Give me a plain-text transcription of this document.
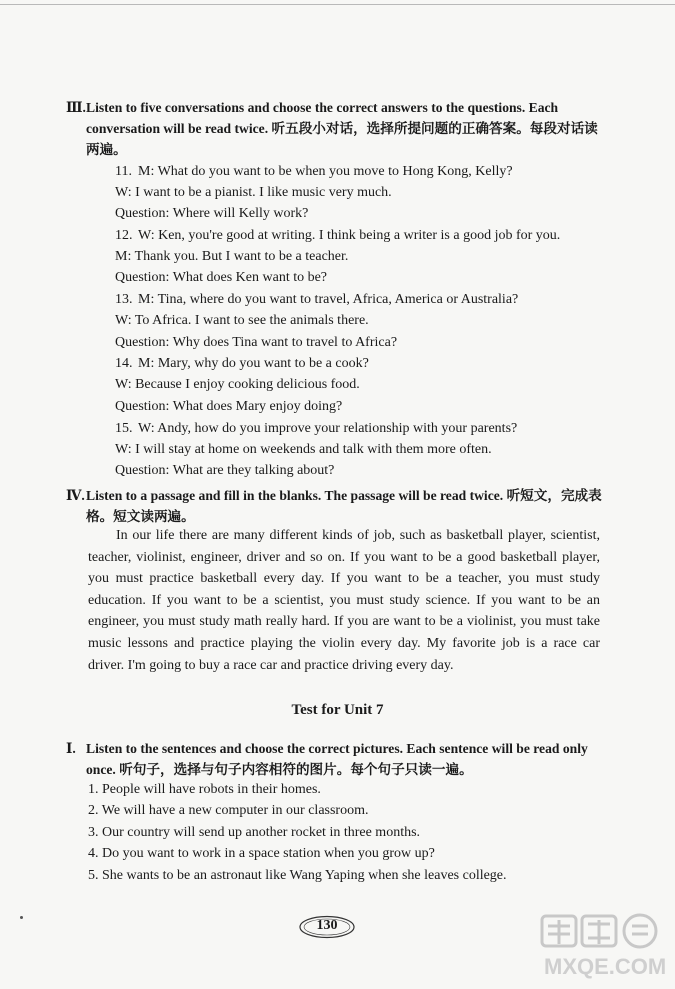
Ⅲ. Listen to five conversations and choose the correct answers to the questions. Each conversation will be read twice. 听五段小对话，选择所提问题的正确答案。每段对话读两遍。
11. M: What do you want to be when you move to Hong Kong, Kelly?
W: I want to be a pianist. I like music very much.
Question: Where will Kelly work?
12. W: Ken, you're good at writing. I think being a writer is a good job for you.
M: Thank you. But I want to be a teacher.
Question: What does Ken want to be?
13. M: Tina, where do you want to travel, Africa, America or Australia?
W: To Africa. I want to see the animals there.
Question: Why does Tina want to travel to Africa?
14. M: Mary, why do you want to be a cook?
W: Because I enjoy cooking delicious food.
Question: What does Mary enjoy doing?
15. W: Andy, how do you improve your relationship with your parents?
W: I will stay at home on weekends and talk with them more often.
Question: What are they talking about?
Ⅳ. Listen to a passage and fill in the blanks. The passage will be read twice. 听短文，完成表格。短文读两遍。
In our life there are many different kinds of job, such as basketball player, scientist, teacher, violinist, engineer, driver and so on. If you want to be a good basketball player, you must practice basketball every day. If you want to be a teacher, you must study education. If you want to be a scientist, you must study science. If you want to be an engineer, you must study math really hard. If you are want to be a violinist, you must take music lessons and practice playing the violin every day. My favorite job is a race car driver. I'm going to buy a race car and practice driving every day.
Test for Unit 7
Ⅰ. Listen to the sentences and choose the correct pictures. Each sentence will be read only once. 听句子，选择与句子内容相符的图片。每个句子只读一遍。
1. People will have robots in their homes.
2. We will have a new computer in our classroom.
3. Our country will send up another rocket in three months.
4. Do you want to work in a space station when you grow up?
5. She wants to be an astronaut like Wang Yaping when she leaves college.
130
MXQE.COM
